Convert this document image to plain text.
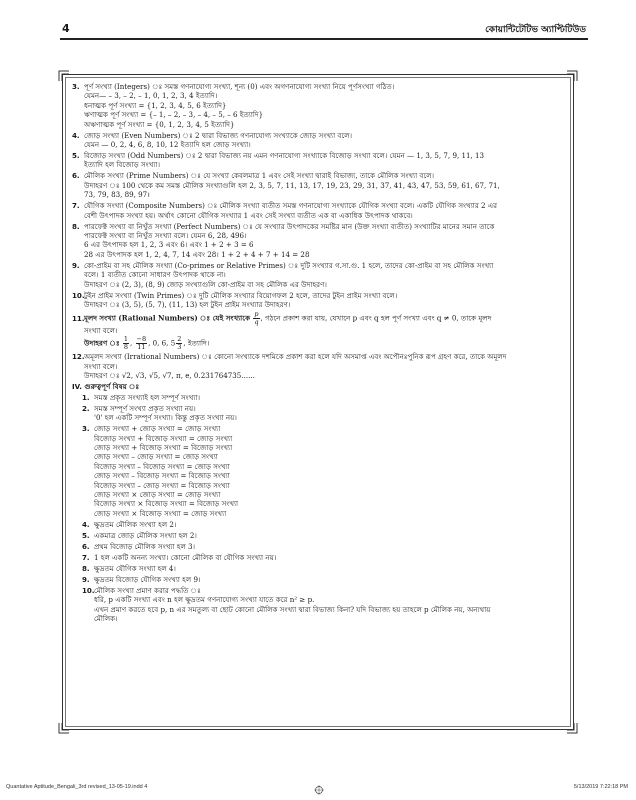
4	কোয়ান্টিটেটিভ অ্যাপ্টিটিউড
3. পূর্ণ সংখ্যা (Integers) ঃ সমস্ত গণনাযোগ্য সংখ্যা, শূন্য (0) এবং অগণনাযোগ্য সংখ্যা নিয়ে পূর্ণসংখ্যা গঠিত।
যেমন— – 3, – 2, – 1, 0, 1, 2, 3, 4 ইত্যাদি।
ধনাত্মক পূর্ণ সংখ্যা = {1, 2, 3, 4, 5, 6 ইত্যাদি}
ঋণাত্মক পূর্ণ সংখ্যা = {– 1, – 2, – 3, – 4, – 5, – 6 ইত্যাদি}
অঋণাত্মক পূর্ণ সংখ্যা = {0, 1, 2, 3, 4, 5 ইত্যাদি}
4. জোড় সংখ্যা (Even Numbers) ঃ 2 দ্বারা বিভাজ্য গণনাযোগ্য সংখ্যাকে জোড় সংখ্যা বলে।
যেমন — 0, 2, 4, 6, 8, 10, 12 ইত্যাদি হল জোড় সংখ্যা।
5. বিজোড় সংখ্যা (Odd Numbers) ঃ 2 দ্বারা বিভাজ্য নয় এমন গণনাযোগ্য সংখ্যাকে বিজোড় সংখ্যা বলে। যেমন — 1, 3, 5, 7, 9, 11, 13
ইত্যাদি হল বিজোড় সংখ্যা।
6. মৌলিক সংখ্যা (Prime Numbers) ঃ যে সংখ্যা কেবলমাত্র 1 এবং সেই সংখ্যা দ্বারাই বিভাজ্য, তাকে মৌলিক সংখ্যা বলে।
উদাহরণ ঃ 100 থেকে কম সমস্ত মৌলিক সংখ্যাগুলি হল 2, 3, 5, 7, 11, 13, 17, 19, 23, 29, 31, 37, 41, 43, 47, 53, 59, 61, 67, 71,
73, 79, 83, 89, 97।
7. যৌগিক সংখ্যা (Composite Numbers) ঃ মৌলিক সংখ্যা ব্যতীত সমস্ত গণনাযোগ্য সংখ্যাকে যৌগিক সংখ্যা বলে। একটি যৌগিক সংখ্যার 2 এর
বেশী উৎপাদক সংখ্যা হয়। অর্থাৎ কোনো যৌগিক সংখ্যার 1 এবং সেই সংখ্যা ব্যতীত এক বা একাধিক উৎপাদক থাকবে।
8. পারফেক্ট সংখ্যা বা নিখুঁত সংখ্যা (Perfect Numbers) ঃ যে সংখ্যার উৎপাদকের সমষ্টির মান (উক্ত সংখ্যা ব্যতীত) সংখ্যাটির মানের সমান তাকে
পারফেক্ট সংখ্যা বা নিখুঁত সংখ্যা বলে। যেমন 6, 28, 496।
6 এর উৎপাদক হল 1, 2, 3 এবং 6। এবং 1 + 2 + 3 = 6
28 এর উৎপাদক হল 1, 2, 4, 7, 14 এবং 28। 1 + 2 + 4 + 7 + 14 = 28
9. কো-প্রাইম বা সহ মৌলিক সংখ্যা (Co-primes or Relative Primes) ঃ দুটি সংখ্যার গ.সা.গু. 1 হলে, তাদের কো-প্রাইম বা সহ মৌলিক সংখ্যা
বলে। 1 ব্যতীত কোনো সাধারণ উৎপাদক থাকে না।
উদাহরণ ঃ (2, 3), (8, 9) জোড় সংখ্যাগুলি কো-প্রাইম বা সহ মৌলিক এর উদাহরণ।
10.টুইন প্রাইম সংখ্যা (Twin Primes) ঃ দুটি মৌলিক সংখ্যার বিয়োগফল 2 হলে, তাদের টুইন প্রাইম সংখ্যা বলে।
উদাহরণ ঃ (3, 5), (5, 7), (11, 13) হল টুইন প্রাইম সংখ্যার উদাহরণ।
11.মূলদ সংখ্যা (Rational Numbers) ঃ যেই সংখ্যাকে $\frac{p}{q}$ , গঠনে প্রকাশ করা যায়, যেখানে p এবং q হল পূর্ণ সংখ্যা এবং q ≠ 0, তাকে মূলদ
সংখ্যা বলে।
উদাহরণ ঃ $\frac{1}{8}$ , $\frac{-8}{11}$ , 0, 6, $5 \frac{2}{3}$ , ইত্যাদি।
12.অমূলদ সংখ্যা (Irrational Numbers) ঃ কোনো সংখ্যাকে দশমিকে প্রকাশ করা হলে যদি অসমাপ্ত এবং অপৌনঃপুনিক রূপ গ্রহণ করে, তাকে অমূলদ
সংখ্যা বলে।
উদাহরণ ঃ √2, √3, √5, √7, π, e, 0.231764735......
IV. গুরুত্বপূর্ণ বিষয় ঃ
1. সমস্ত প্রকৃত সংখ্যাই হল সম্পূর্ণ সংখ্যা।
2. সমস্ত সম্পূর্ণ সংখ্যা প্রকৃত সংখ্যা নয়।
'0' হল একটি সম্পূর্ণ সংখ্যা। কিন্তু প্রকৃত সংখ্যা নয়।
3. জোড় সংখ্যা + জোড় সংখ্যা = জোড় সংখ্যা
বিজোড় সংখ্যা + বিজোড় সংখ্যা = জোড় সংখ্যা
জোড় সংখ্যা + বিজোড় সংখ্যা = বিজোড় সংখ্যা
জোড় সংখ্যা – জোড় সংখ্যা = জোড় সংখ্যা
বিজোড় সংখ্যা – বিজোড় সংখ্যা = জোড় সংখ্যা
জোড় সংখ্যা – বিজোড় সংখ্যা = বিজোড় সংখ্যা
বিজোড় সংখ্যা – জোড় সংখ্যা = বিজোড় সংখ্যা
জোড় সংখ্যা × জোড় সংখ্যা = জোড় সংখ্যা
বিজোড় সংখ্যা × বিজোড় সংখ্যা = বিজোড় সংখ্যা
জোড় সংখ্যা × বিজোড় সংখ্যা = জোড় সংখ্যা
4. ক্ষুদ্রতম মৌলিক সংখ্যা হল 2।
5. একমাত্র জোড় মৌলিক সংখ্যা হল 2।
6. প্রথম বিজোড় মৌলিক সংখ্যা হল 3।
7. 1 হল একটি অনন্য সংখ্যা। কোনো মৌলিক বা যৌগিক সংখ্যা নয়।
8. ক্ষুদ্রতম যৌগিক সংখ্যা হল 4।
9. ক্ষুদ্রতম বিজোড় যৌগিক সংখ্যা হল 9।
10.মৌলিক সংখ্যা প্রমাণ করার পদ্ধতি ঃ
ধরি, p একটি সংখ্যা এবং n হল ক্ষুদ্রতম গণনাযোগ্য সংখ্যা যাতে করে n² ≥ p.
এখন প্রমাণ করতে হবে p, n এর সমতুল্য বা ছোট কোনো মৌলিক সংখ্যা দ্বারা বিভাজ্য কিনা? যদি বিভাজ্য হয় তাহলে p মৌলিক নয়, অন্যথায়
মৌলিক।
Quantative Aptitude_Bengali_3rd revised_13-05-19.indd 4	5/13/2019 7:22:18 PM
